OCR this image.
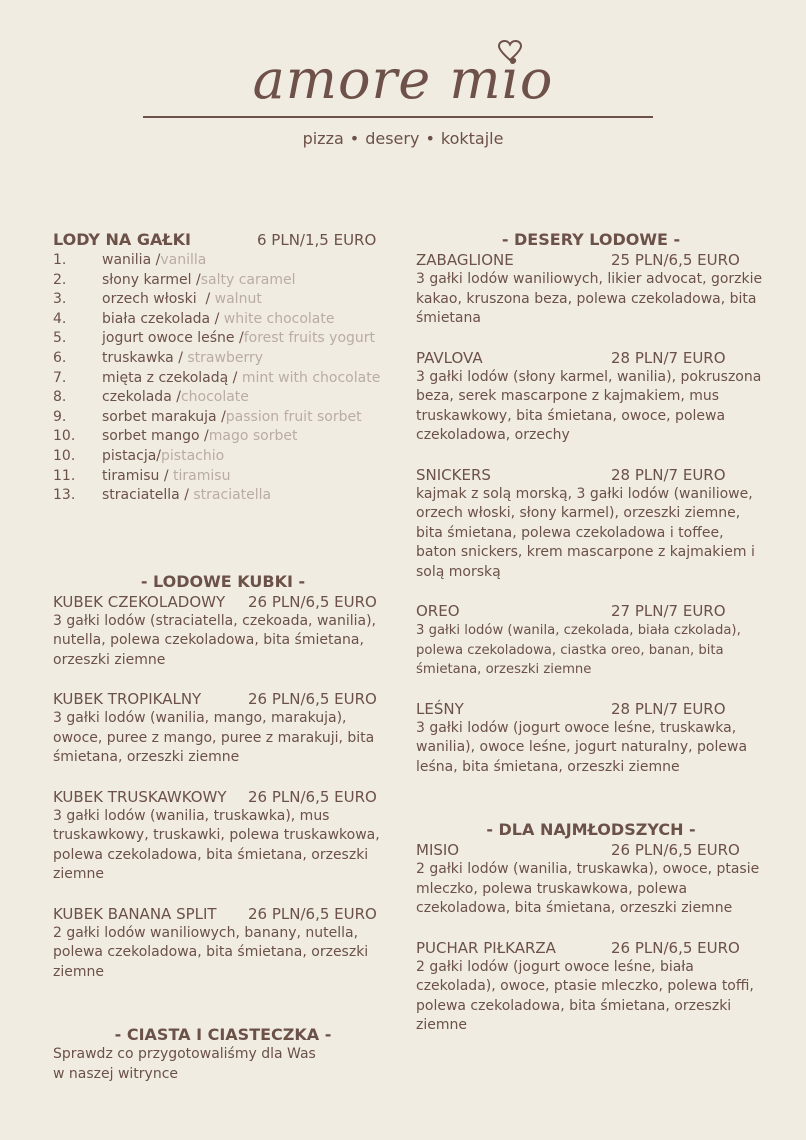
amore mio
pizza • desery • koktajle
LODY NA GAŁKI	6 PLN/1,5 EURO
1.	wanilia / vanilla
2.	słony karmel / salty caramel
3.	orzech włoski  / walnut
4.	biała czekolada / white chocolate
5.	jogurt owoce leśne / forest fruits yogurt
6.	truskawka / strawberry
7.	mięta z czekoladą / mint with chocolate
8.	czekolada / chocolate
9.	sorbet marakuja / passion fruit sorbet
10.	sorbet mango / mago sorbet
10.	pistacja/ pistachio
11.	tiramisu / tiramisu
13.	straciatella / straciatella
- LODOWE KUBKI -
KUBEK CZEKOLADOWY	26 PLN/6,5 EURO
3 gałki lodów (straciatella, czekoada, wanilia), nutella, polewa czekoladowa, bita śmietana, orzeszki ziemne
KUBEK TROPIKALNY	26 PLN/6,5 EURO
3 gałki lodów (wanilia, mango, marakuja), owoce, puree z mango, puree z marakuji, bita śmietana, orzeszki ziemne
KUBEK TRUSKAWKOWY	26 PLN/6,5 EURO
3 gałki lodów (wanilia, truskawka), mus truskawkowy, truskawki, polewa truskawkowa, polewa czekoladowa, bita śmietana, orzeszki ziemne
KUBEK BANANA SPLIT	26 PLN/6,5 EURO
2 gałki lodów waniliowych, banany, nutella, polewa czekoladowa, bita śmietana, orzeszki ziemne
- CIASTA I CIASTECZKA -
Sprawdz co przygotowaliśmy dla Was
w naszej witrynce
- DESERY LODOWE -
ZABAGLIONE	25 PLN/6,5 EURO
3 gałki lodów waniliowych, likier advocat, gorzkie kakao, kruszona beza, polewa czekoladowa, bita śmietana
PAVLOVA	28 PLN/7 EURO
3 gałki lodów (słony karmel, wanilia), pokruszona beza, serek mascarpone z kajmakiem, mus truskawkowy, bita śmietana, owoce, polewa czekoladowa, orzechy
SNICKERS	28 PLN/7 EURO
kajmak z solą morską, 3 gałki lodów (waniliowe, orzech włoski, słony karmel), orzeszki ziemne, bita śmietana, polewa czekoladowa i toffee, baton snickers, krem mascarpone z kajmakiem i solą morską
OREO	27 PLN/7 EURO
3 gałki lodów (wanila, czekolada, biała czkolada), polewa czekoladowa, ciastka oreo, banan, bita śmietana, orzeszki ziemne
LEŚNY	28 PLN/7 EURO
3 gałki lodów (jogurt owoce leśne, truskawka, wanilia), owoce leśne, jogurt naturalny, polewa leśna, bita śmietana, orzeszki ziemne
- DLA NAJMŁODSZYCH -
MISIO	26 PLN/6,5 EURO
2 gałki lodów (wanilia, truskawka), owoce, ptasie mleczko, polewa truskawkowa, polewa czekoladowa, bita śmietana, orzeszki ziemne
PUCHAR PIŁKARZA	26 PLN/6,5 EURO
2 gałki lodów (jogurt owoce leśne, biała czekolada), owoce, ptasie mleczko, polewa toffi, polewa czekoladowa, bita śmietana, orzeszki ziemne
